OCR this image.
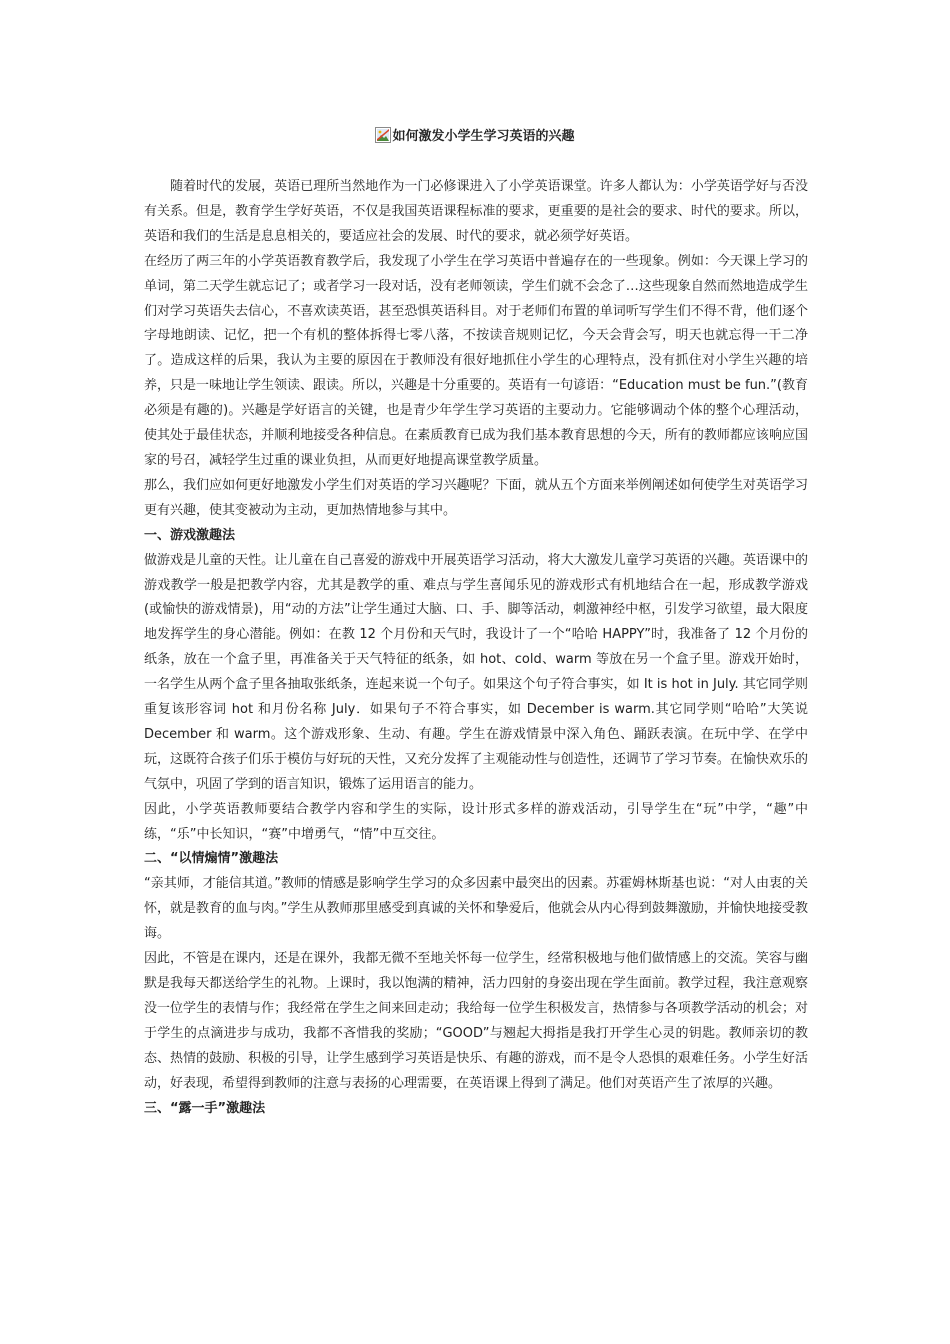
如何激发小学生学习英语的兴趣

随着时代的发展，英语已理所当然地作为一门必修课进入了小学英语课堂。许多人都认为：小学英语学好与否没有关系。但是，教育学生学好英语，不仅是我国英语课程标准的要求，更重要的是社会的要求、时代的要求。所以，英语和我们的生活是息息相关的，要适应社会的发展、时代的要求，就必须学好英语。

在经历了两三年的小学英语教育教学后，我发现了小学生在学习英语中普遍存在的一些现象。例如：今天课上学习的单词，第二天学生就忘记了；或者学习一段对话，没有老师领读，学生们就不会念了…这些现象自然而然地造成学生们对学习英语失去信心，不喜欢读英语，甚至恐惧英语科目。对于老师们布置的单词听写学生们不得不背，他们逐个字母地朗读、记忆，把一个有机的整体拆得七零八落，不按读音规则记忆，今天会背会写，明天也就忘得一干二净了。造成这样的后果，我认为主要的原因在于教师没有很好地抓住小学生的心理特点，没有抓住对小学生兴趣的培养，只是一味地让学生领读、跟读。所以，兴趣是十分重要的。英语有一句谚语：“Education must be fun.”(教育必须是有趣的)。兴趣是学好语言的关键，也是青少年学生学习英语的主要动力。它能够调动个体的整个心理活动，使其处于最佳状态，并顺利地接受各种信息。在素质教育已成为我们基本教育思想的今天，所有的教师都应该响应国家的号召，减轻学生过重的课业负担，从而更好地提高课堂教学质量。

那么，我们应如何更好地激发小学生们对英语的学习兴趣呢？下面，就从五个方面来举例阐述如何使学生对英语学习更有兴趣，使其变被动为主动，更加热情地参与其中。

一、游戏激趣法

做游戏是儿童的天性。让儿童在自己喜爱的游戏中开展英语学习活动，将大大激发儿童学习英语的兴趣。英语课中的游戏教学一般是把教学内容，尤其是教学的重、难点与学生喜闻乐见的游戏形式有机地结合在一起，形成教学游戏(或愉快的游戏情景)，用“动的方法”让学生通过大脑、口、手、脚等活动，刺激神经中枢，引发学习欲望，最大限度地发挥学生的身心潜能。例如：在教 12 个月份和天气时，我设计了一个“哈哈 HAPPY”时，我准备了 12 个月份的纸条，放在一个盒子里，再准备关于天气特征的纸条，如 hot、cold、warm 等放在另一个盒子里。游戏开始时，一名学生从两个盒子里各抽取张纸条，连起来说一个句子。如果这个句子符合事实，如 It is hot in July. 其它同学则重复该形容词 hot 和月份名称 July．如果句子不符合事实，如 December is warm.其它同学则“哈哈”大笑说 December 和 warm。这个游戏形象、生动、有趣。学生在游戏情景中深入角色、踊跃表演。在玩中学、在学中玩，这既符合孩子们乐于模仿与好玩的天性，又充分发挥了主观能动性与创造性，还调节了学习节奏。在愉快欢乐的气氛中，巩固了学到的语言知识，锻炼了运用语言的能力。

因此，小学英语教师要结合教学内容和学生的实际，设计形式多样的游戏活动，引导学生在“玩”中学，“趣”中练，“乐”中长知识，“赛”中增勇气，“情”中互交往。

二、“以情煽情”激趣法

“亲其师，才能信其道。”教师的情感是影响学生学习的众多因素中最突出的因素。苏霍姆林斯基也说：“对人由衷的关怀，就是教育的血与肉。”学生从教师那里感受到真诚的关怀和挚爱后，他就会从内心得到鼓舞激励，并愉快地接受教诲。

因此，不管是在课内，还是在课外，我都无微不至地关怀每一位学生，经常积极地与他们做情感上的交流。笑容与幽默是我每天都送给学生的礼物。上课时，我以饱满的精神，活力四射的身姿出现在学生面前。教学过程，我注意观察没一位学生的表情与作；我经常在学生之间来回走动；我给每一位学生积极发言，热情参与各项教学活动的机会；对于学生的点滴进步与成功，我都不吝惜我的奖励；“GOOD”与翘起大拇指是我打开学生心灵的钥匙。教师亲切的教态、热情的鼓励、积极的引导，让学生感到学习英语是快乐、有趣的游戏，而不是令人恐惧的艰难任务。小学生好活动，好表现，希望得到教师的注意与表扬的心理需要，在英语课上得到了满足。他们对英语产生了浓厚的兴趣。

三、“露一手”激趣法
